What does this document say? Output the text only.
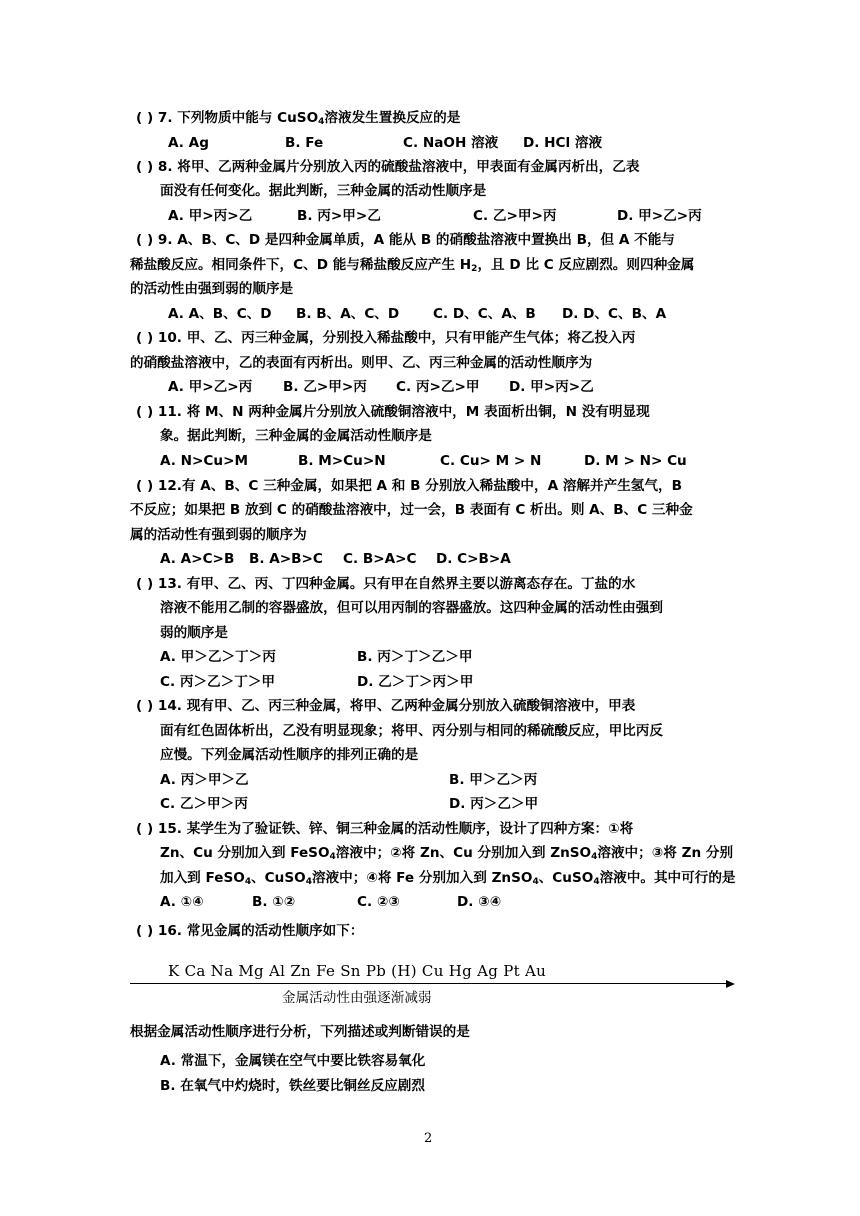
( ) 7. 下列物质中能与 CuSO$_4$溶液发生置换反应的是
A. Ag	B. Fe	C. NaOH 溶液 D. HCl 溶液
( ) 8. 将甲、乙两种金属片分别放入丙的硫酸盐溶液中，甲表面有金属丙析出，乙表
面没有任何变化。据此判断，三种金属的活动性顺序是
A. 甲>丙>乙	B. 丙>甲>乙	C. 乙>甲>丙	D. 甲>乙>丙
( ) 9. A、B、C、D 是四种金属单质，A 能从 B 的硝酸盐溶液中置换出 B，但 A 不能与
稀盐酸反应。相同条件下，C、D 能与稀盐酸反应产生 $H_2$，且 D 比 C 反应剧烈。则四种金属
的活动性由强到弱的顺序是
A. A、B、C、D B. B、A、C、D C. D、C、A、B D. D、C、B、A
( ) 10. 甲、乙、丙三种金属，分别投入稀盐酸中，只有甲能产生气体；将乙投入丙
的硝酸盐溶液中，乙的表面有丙析出。则甲、乙、丙三种金属的活动性顺序为
A. 甲>乙>丙 B. 乙>甲>丙 C. 丙>乙>甲 D. 甲>丙>乙
( ) 11. 将 M、N 两种金属片分别放入硫酸铜溶液中，M 表面析出铜，N 没有明显现
象。据此判断，三种金属的金属活动性顺序是
A. N>Cu>M	B. M>Cu>N	C. Cu> M > N	D. M > N> Cu
( ) 12.有 A、B、C 三种金属，如果把 A 和 B 分别放入稀盐酸中，A 溶解并产生氢气，B
不反应；如果把 B 放到 C 的硝酸盐溶液中，过一会，B 表面有 C 析出。则 A、B、C 三种金
属的活动性有强到弱的顺序为
A. A>C>B B. A>B>C C. B>A>C D. C>B>A
( ) 13. 有甲、乙、丙、丁四种金属。只有甲在自然界主要以游离态存在。丁盐的水
溶液不能用乙制的容器盛放，但可以用丙制的容器盛放。这四种金属的活动性由强到
弱的顺序是
A. 甲＞乙＞丁＞丙	B. 丙＞丁＞乙＞甲
C. 丙＞乙＞丁＞甲	D. 乙＞丁＞丙＞甲
( ) 14. 现有甲、乙、丙三种金属，将甲、乙两种金属分别放入硫酸铜溶液中，甲表
面有红色固体析出，乙没有明显现象；将甲、丙分别与相同的稀硫酸反应，甲比丙反
应慢。下列金属活动性顺序的排列正确的是
A. 丙＞甲＞乙	B. 甲＞乙＞丙
C. 乙＞甲＞丙	D. 丙＞乙＞甲
( ) 15. 某学生为了验证铁、锌、铜三种金属的活动性顺序，设计了四种方案：①将
Zn、Cu 分别加入到 FeSO$_4$溶液中；②将 Zn、Cu 分别加入到 ZnSO$_4$溶液中；③将 Zn 分别
加入到 FeSO$_4$、CuSO$_4$溶液中；④将 Fe 分别加入到 ZnSO$_4$、CuSO$_4$溶液中。其中可行的是
A. ①④	B. ①②	C. ②③	D. ③④
( ) 16. 常见金属的活动性顺序如下：
K Ca Na Mg Al Zn Fe Sn Pb (H) Cu Hg Ag Pt Au
金属活动性由强逐渐减弱
根据金属活动性顺序进行分析，下列描述或判断错误的是
A. 常温下，金属镁在空气中要比铁容易氧化
B. 在氧气中灼烧时，铁丝要比铜丝反应剧烈
2
